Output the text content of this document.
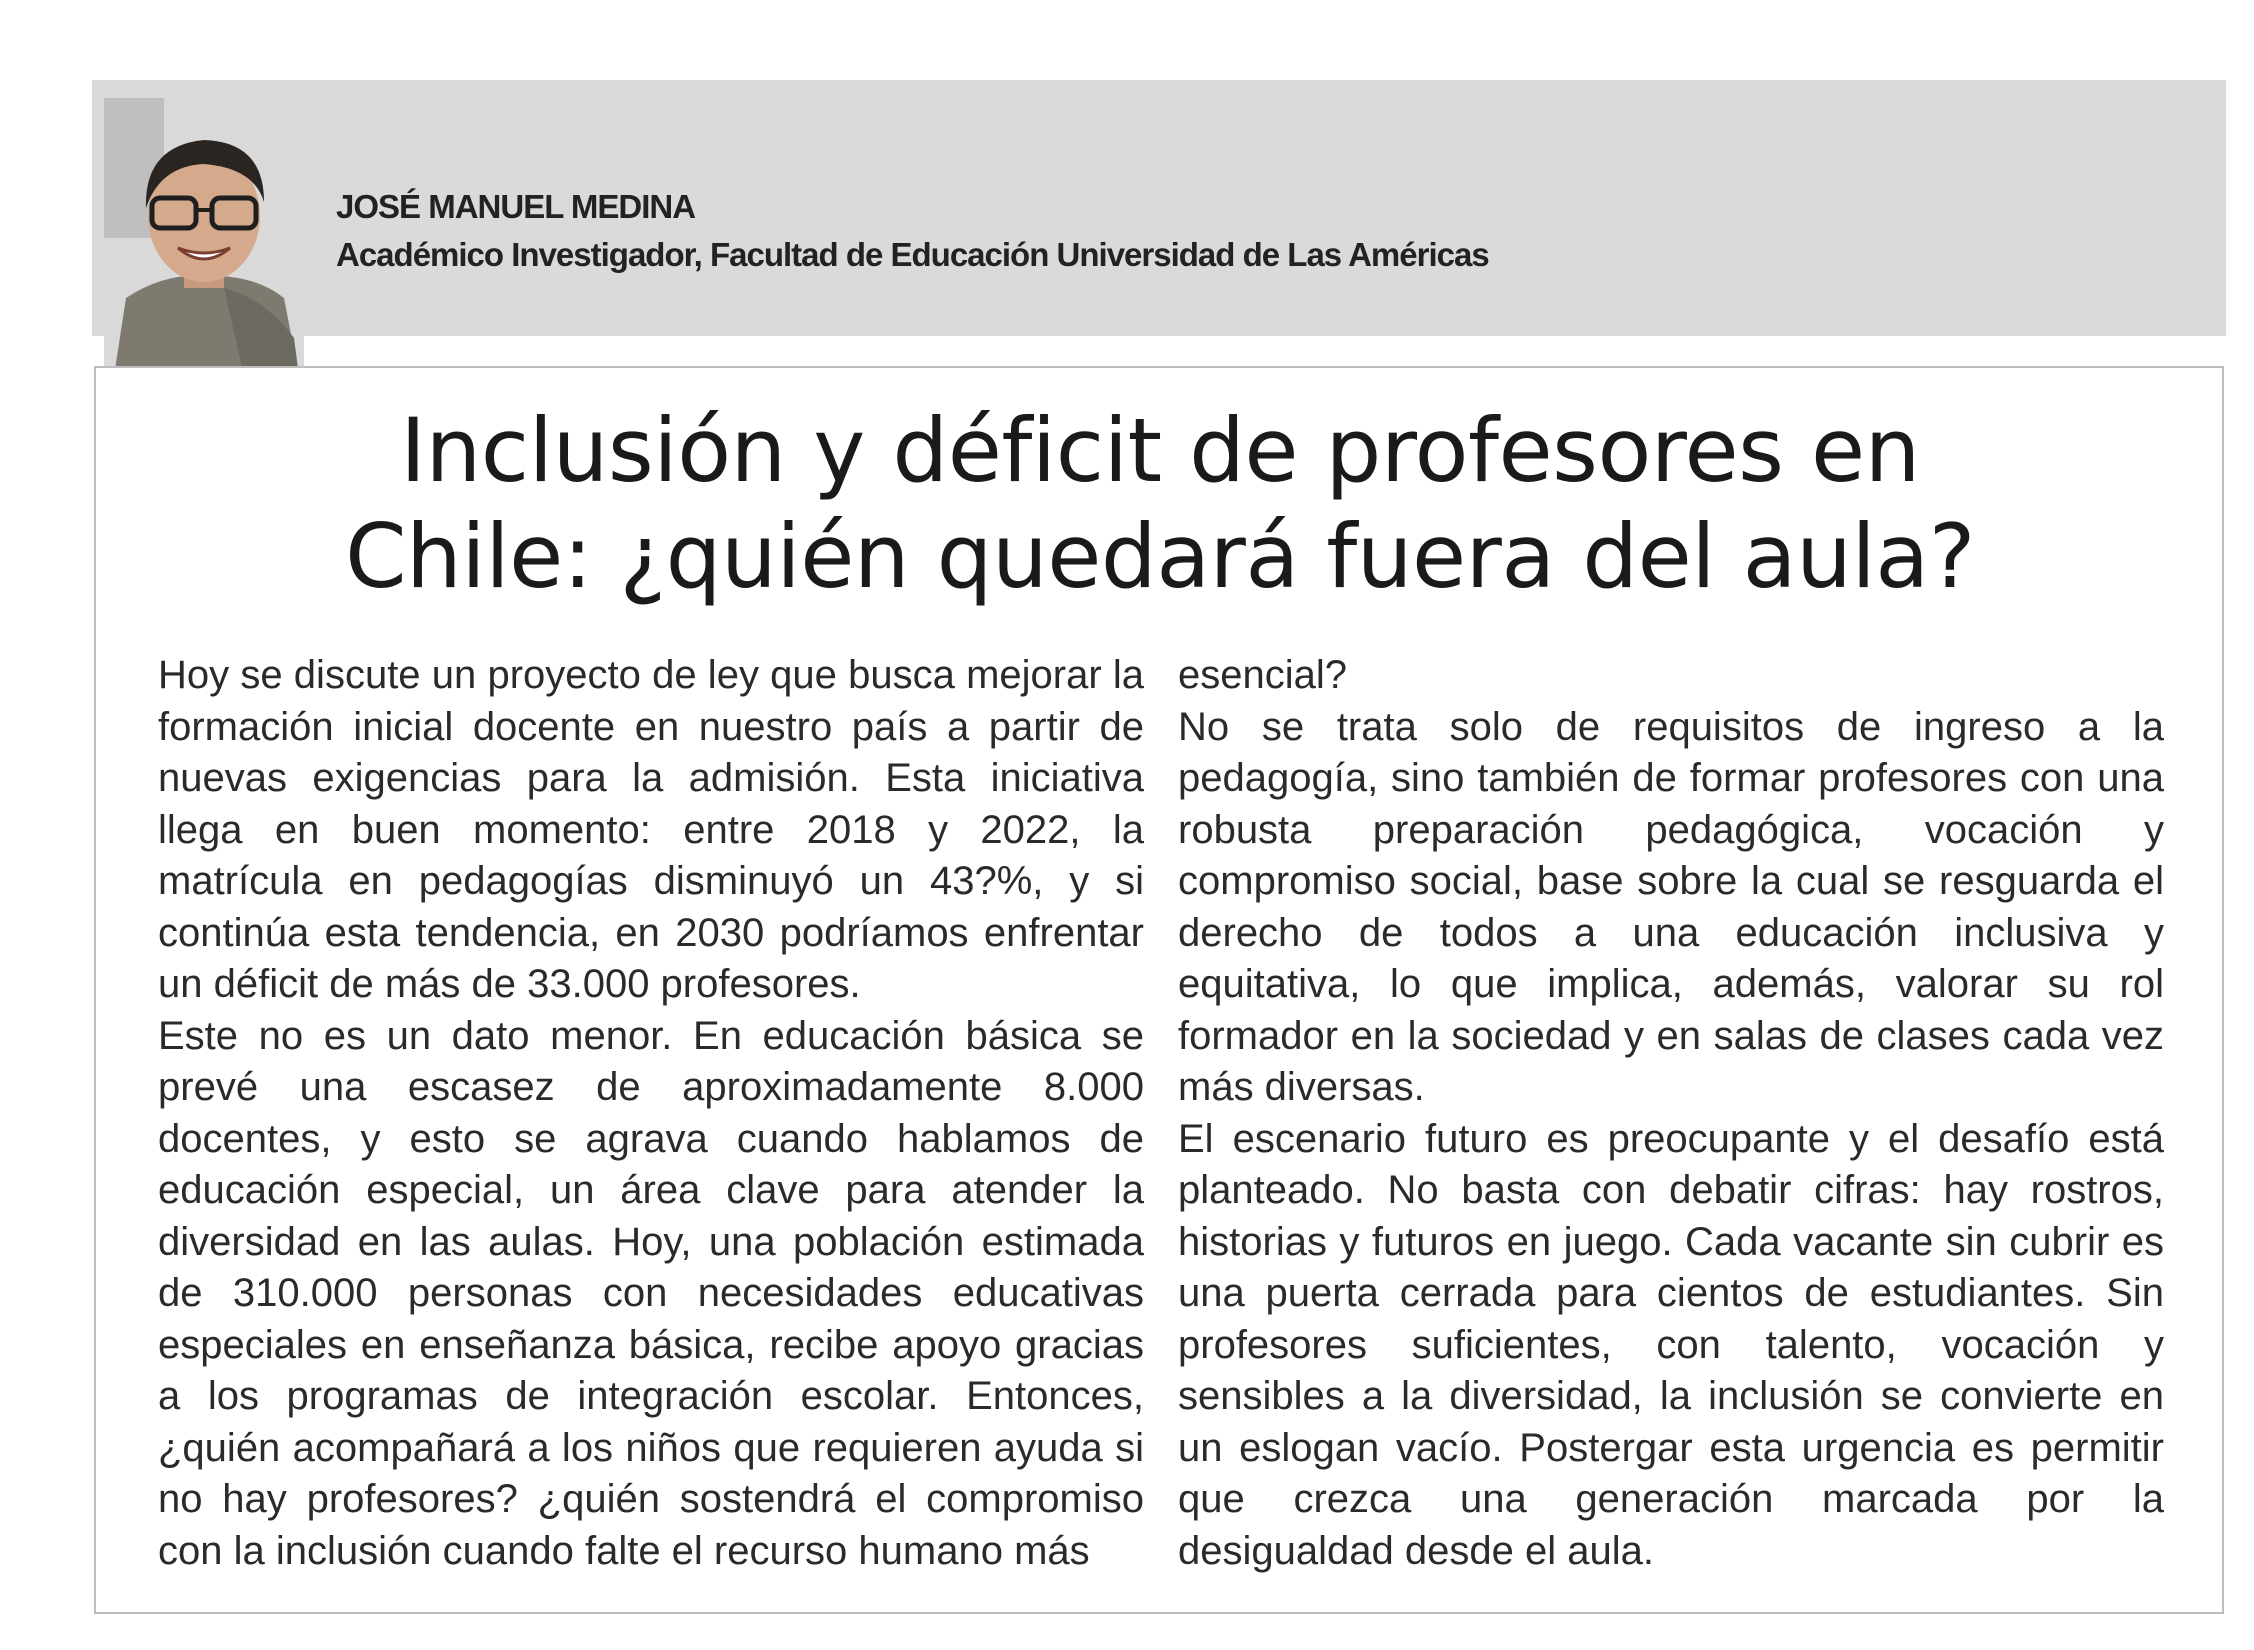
JOSÉ MANUEL MEDINA
Académico Investigador, Facultad de Educación Universidad de Las Américas
Inclusión y déficit de profesores en
Chile: ¿quién quedará fuera del aula?

Hoy se discute un proyecto de ley que busca mejorar la formación inicial docente en nuestro país a partir de nuevas exigencias para la admisión. Esta iniciativa llega en buen momento: entre 2018 y 2022, la matrícula en pedagogías disminuyó un 43?%, y si continúa esta tendencia, en 2030 podríamos enfrentar un déficit de más de 33.000 profesores.

Este no es un dato menor. En educación básica se prevé una escasez de aproximadamente 8.000 docentes, y esto se agrava cuando hablamos de educación especial, un área clave para atender la diversidad en las aulas. Hoy, una población estimada de 310.000 personas con necesidades educativas especiales en enseñanza básica, recibe apoyo gracias a los programas de integración escolar. Entonces, ¿quién acompañará a los niños que requieren ayuda si no hay profesores? ¿quién sostendrá el compromiso con la inclusión cuando falte el recurso humano más

esencial?

No se trata solo de requisitos de ingreso a la pedagogía, sino también de formar profesores con una robusta preparación pedagógica, vocación y compromiso social, base sobre la cual se resguarda el derecho de todos a una educación inclusiva y equitativa, lo que implica, además, valorar su rol formador en la sociedad y en salas de clases cada vez más diversas.

El escenario futuro es preocupante y el desafío está planteado. No basta con debatir cifras: hay rostros, historias y futuros en juego. Cada vacante sin cubrir es una puerta cerrada para cientos de estudiantes. Sin profesores suficientes, con talento, vocación y sensibles a la diversidad, la inclusión se convierte en un eslogan vacío. Postergar esta urgencia es permitir que crezca una generación marcada por la desigualdad desde el aula.
